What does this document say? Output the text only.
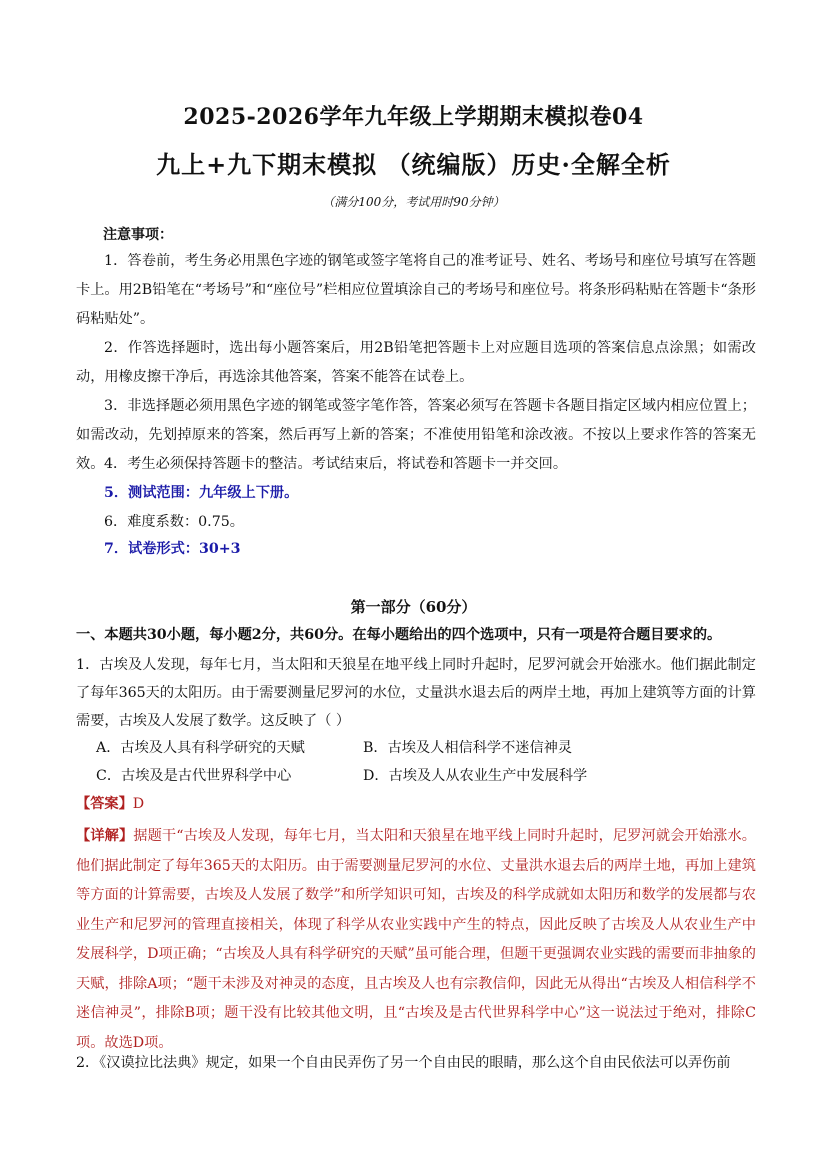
2025-2026学年九年级上学期期末模拟卷04
九上+九下期末模拟 （统编版）历史·全解全析
（满分100分，考试用时90分钟）
注意事项：
1．答卷前，考生务必用黑色字迹的钢笔或签字笔将自己的准考证号、姓名、考场号和座位号填写在答题卡上。用2B铅笔在“考场号”和“座位号”栏相应位置填涂自己的考场号和座位号。将条形码粘贴在答题卡“条形码粘贴处”。
2．作答选择题时，选出每小题答案后，用2B铅笔把答题卡上对应题目选项的答案信息点涂黑；如需改动，用橡皮擦干净后，再选涂其他答案，答案不能答在试卷上。
3．非选择题必须用黑色字迹的钢笔或签字笔作答，答案必须写在答题卡各题目指定区域内相应位置上；如需改动，先划掉原来的答案，然后再写上新的答案；不准使用铅笔和涂改液。不按以上要求作答的答案无效。 4．考生必须保持答题卡的整洁。考试结束后，将试卷和答题卡一并交回。
5．测试范围：九年级上下册。
6．难度系数：0.75。
7．试卷形式：30+3
第一部分（60分）
一、本题共30小题，每小题2分，共60分。在每小题给出的四个选项中，只有一项是符合题目要求的。
1．古埃及人发现，每年七月，当太阳和天狼星在地平线上同时升起时，尼罗河就会开始涨水。他们据此制定了每年365天的太阳历。由于需要测量尼罗河的水位，丈量洪水退去后的两岸土地，再加上建筑等方面的计算需要，古埃及人发展了数学。这反映了（ ）
A．古埃及人具有科学研究的天赋	B．古埃及人相信科学不迷信神灵
C．古埃及是古代世界科学中心	D．古埃及人从农业生产中发展科学
【答案】D
【详解】据题干“古埃及人发现，每年七月，当太阳和天狼星在地平线上同时升起时，尼罗河就会开始涨水。他们据此制定了每年365天的太阳历。由于需要测量尼罗河的水位、丈量洪水退去后的两岸土地，再加上建筑等方面的计算需要，古埃及人发展了数学”和所学知识可知，古埃及的科学成就如太阳历和数学的发展都与农业生产和尼罗河的管理直接相关，体现了科学从农业实践中产生的特点，因此反映了古埃及人从农业生产中发展科学，D项正确；“古埃及人具有科学研究的天赋”虽可能合理，但题干更强调农业实践的需要而非抽象的天赋，排除A项；“题干未涉及对神灵的态度，且古埃及人也有宗教信仰，因此无从得出“古埃及人相信科学不迷信神灵”，排除B项；题干没有比较其他文明，且“古埃及是古代世界科学中心”这一说法过于绝对，排除C项。故选D项。
2．《汉谟拉比法典》规定，如果一个自由民弄伤了另一个自由民的眼睛，那么这个自由民依法可以弄伤前
